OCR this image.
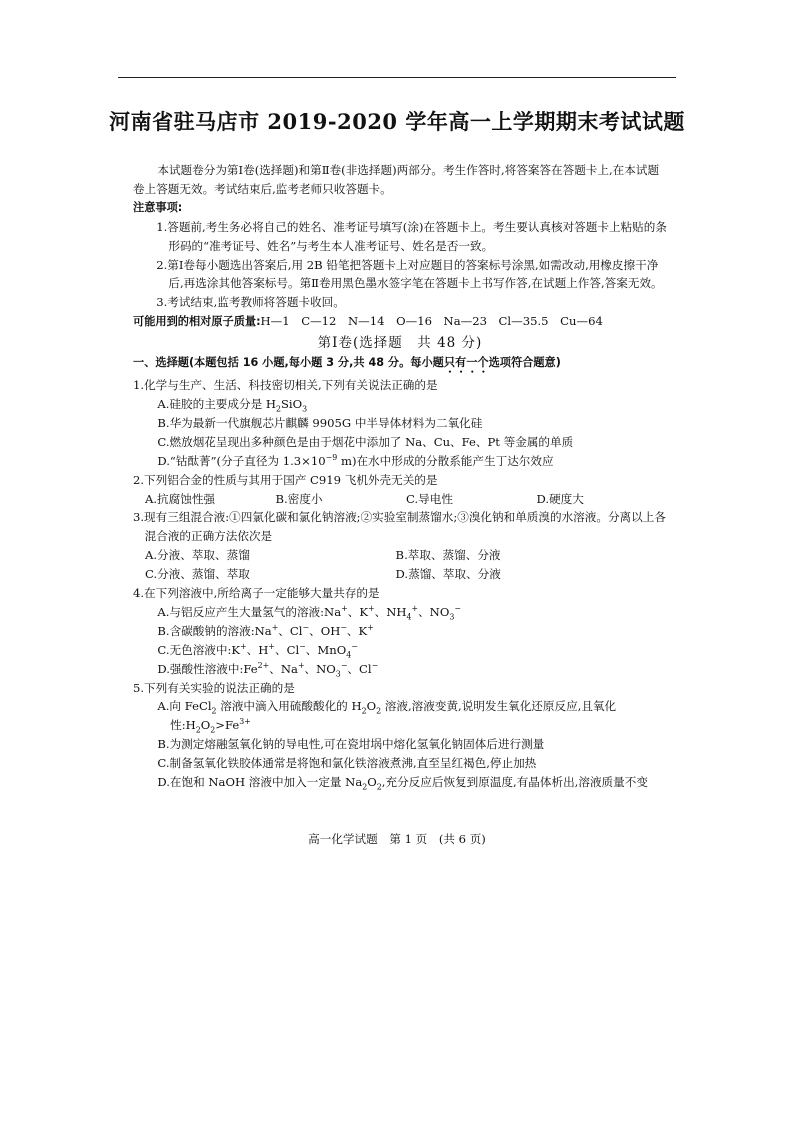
河南省驻马店市 2019-2020 学年高一上学期期末考试试题

本试题卷分为第Ⅰ卷(选择题)和第Ⅱ卷(非选择题)两部分。考生作答时,将答案答在答题卡上,在本试题卷上答题无效。考试结束后,监考老师只收答题卡。

注意事项:

1.答题前,考生务必将自己的姓名、准考证号填写(涂)在答题卡上。考生要认真核对答题卡上粘贴的条形码的“准考证号、姓名”与考生本人准考证号、姓名是否一致。

2.第Ⅰ卷每小题选出答案后,用 2B 铅笔把答题卡上对应题目的答案标号涂黑,如需改动,用橡皮擦干净后,再选涂其他答案标号。第Ⅱ卷用黑色墨水签字笔在答题卡上书写作答,在试题上作答,答案无效。

3.考试结束,监考教师将答题卡收回。

可能用到的相对原子质量:H—1　C—12　N—14　O—16　Na—23　Cl—35.5　Cu—64

第Ⅰ卷(选择题　共 48 分)

一、选择题(本题包括 16 小题,每小题 3 分,共 48 分。每小题只有一个选项符合题意)

1.化学与生产、生活、科技密切相关,下列有关说法正确的是

A.硅胶的主要成分是 $H_2SiO_3$

B.华为最新一代旗舰芯片麒麟 9905G 中半导体材料为二氧化硅

C.燃放烟花呈现出多种颜色是由于烟花中添加了 Na、Cu、Fe、Pt 等金属的单质

D.“钴酞菁”(分子直径为 $1.3\times 10^{-9}$ m)在水中形成的分散系能产生丁达尔效应

2.下列铝合金的性质与其用于国产 C919 飞机外壳无关的是

A.抗腐蚀性强	B.密度小	C.导电性	D.硬度大

3.现有三组混合液:①四氯化碳和氯化钠溶液;②实验室制蒸馏水;③溴化钠和单质溴的水溶液。分离以上各混合液的正确方法依次是

A.分液、萃取、蒸馏	B.萃取、蒸馏、分液
C.分液、蒸馏、萃取	D.蒸馏、萃取、分液

4.在下列溶液中,所给离子一定能够大量共存的是

A.与铝反应产生大量氢气的溶液:Na+、K+、$NH_4^+$、$NO_3^-$

B.含碳酸钠的溶液:Na+、Cl−、OH−、K+

C.无色溶液中:K+、H+、Cl−、MnO$_4$−

D.强酸性溶液中$:Fe^{2+}$、Na+、$NO_3^-$、Cl−

5.下列有关实验的说法正确的是

A.向 FeCl$_2$ 溶液中滴入用硫酸酸化的 $H_2O_2$ 溶液,溶液变黄,说明发生氧化还原反应,且氧化性$:H_2O_2>Fe^{3+}$

B.为测定熔融氢氧化钠的导电性,可在瓷坩埚中熔化氢氧化钠固体后进行测量

C.制备氢氧化铁胶体通常是将饱和氯化铁溶液煮沸,直至呈红褐色,停止加热

D.在饱和 NaOH 溶液中加入一定量 $Na_2O_2$,充分反应后恢复到原温度,有晶体析出,溶液质量不变

高一化学试题　第 1 页　(共 6 页)
